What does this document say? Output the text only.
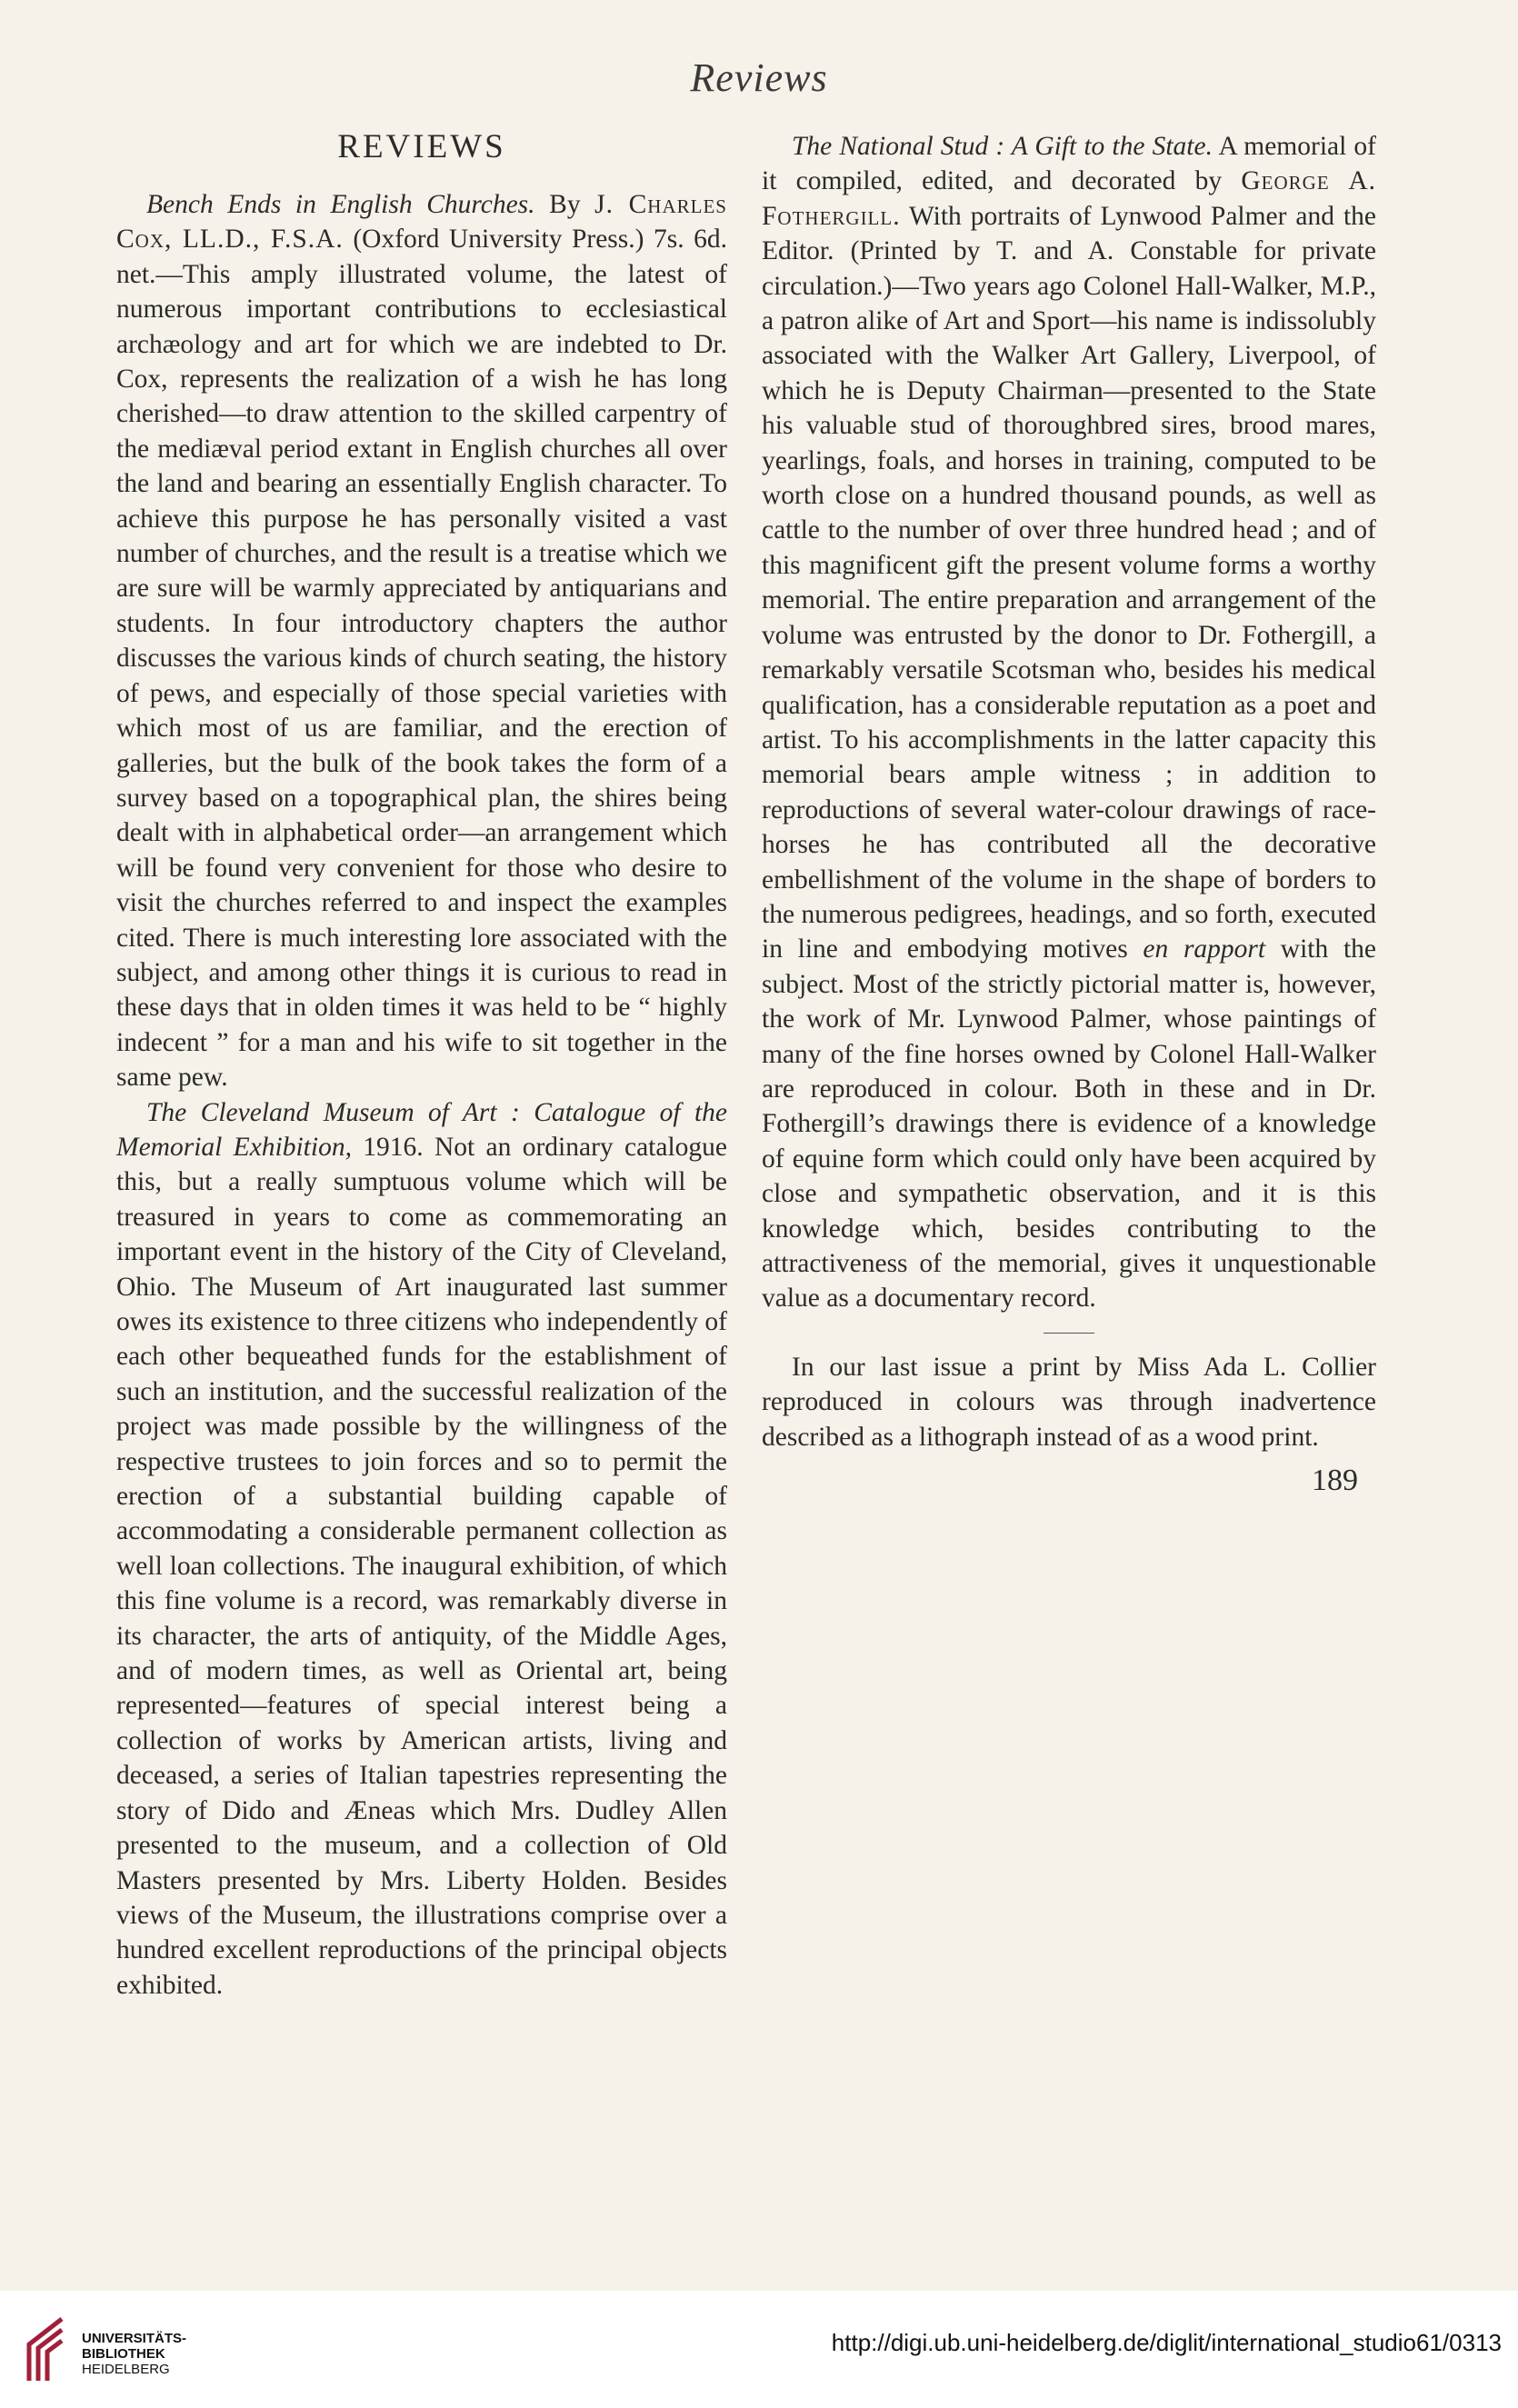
Reviews
REVIEWS

Bench Ends in English Churches. By J. Charles Cox, LL.D., F.S.A. (Oxford University Press.) 7s. 6d. net.—This amply illustrated volume, the latest of numerous important contributions to ecclesiastical archæology and art for which we are indebted to Dr. Cox, represents the realization of a wish he has long cherished—to draw attention to the skilled carpentry of the mediæval period extant in English churches all over the land and bearing an essentially English character. To achieve this purpose he has personally visited a vast number of churches, and the result is a treatise which we are sure will be warmly appreciated by antiquarians and students. In four introductory chapters the author discusses the various kinds of church seating, the history of pews, and especially of those special varieties with which most of us are familiar, and the erection of galleries, but the bulk of the book takes the form of a survey based on a topographical plan, the shires being dealt with in alphabetical order—an arrangement which will be found very convenient for those who desire to visit the churches referred to and inspect the examples cited. There is much interesting lore associated with the subject, and among other things it is curious to read in these days that in olden times it was held to be “ highly indecent ” for a man and his wife to sit together in the same pew.

The Cleveland Museum of Art : Catalogue of the Memorial Exhibition, 1916. Not an ordinary catalogue this, but a really sumptuous volume which will be treasured in years to come as commemorating an important event in the history of the City of Cleveland, Ohio. The Museum of Art inaugurated last summer owes its existence to three citizens who independently of each other bequeathed funds for the establishment of such an institution, and the successful realization of the project was made possible by the willingness of the respective trustees to join forces and so to permit the erection of a substantial building capable of accommodating a considerable permanent collection as well loan collections. The inaugural exhibition, of which this fine volume is a record, was remarkably diverse in its character, the arts of antiquity, of the Middle Ages, and of modern times, as well as Oriental art, being represented—features of special interest being a collection of works by American artists, living and deceased, a series of Italian tapestries representing the story of Dido and Æneas which Mrs. Dudley Allen presented to the museum, and a collection of Old Masters presented by Mrs. Liberty Holden. Besides views of the Museum, the illustrations comprise over a hundred excellent reproductions of the principal objects exhibited.

The National Stud : A Gift to the State. A memorial of it compiled, edited, and decorated by George A. Fothergill. With portraits of Lynwood Palmer and the Editor. (Printed by T. and A. Constable for private circulation.)—Two years ago Colonel Hall-Walker, M.P., a patron alike of Art and Sport—his name is indissolubly associated with the Walker Art Gallery, Liverpool, of which he is Deputy Chairman—presented to the State his valuable stud of thoroughbred sires, brood mares, yearlings, foals, and horses in training, computed to be worth close on a hundred thousand pounds, as well as cattle to the number of over three hundred head ; and of this magnificent gift the present volume forms a worthy memorial. The entire preparation and arrangement of the volume was entrusted by the donor to Dr. Fothergill, a remarkably versatile Scotsman who, besides his medical qualification, has a considerable reputation as a poet and artist. To his accomplishments in the latter capacity this memorial bears ample witness ; in addition to reproductions of several water-colour drawings of race-horses he has contributed all the decorative embellishment of the volume in the shape of borders to the numerous pedigrees, headings, and so forth, executed in line and embodying motives en rapport with the subject. Most of the strictly pictorial matter is, however, the work of Mr. Lynwood Palmer, whose paintings of many of the fine horses owned by Colonel Hall-Walker are reproduced in colour. Both in these and in Dr. Fothergill’s drawings there is evidence of a knowledge of equine form which could only have been acquired by close and sympathetic observation, and it is this knowledge which, besides contributing to the attractiveness of the memorial, gives it unquestionable value as a documentary record.

In our last issue a print by Miss Ada L. Collier reproduced in colours was through inadvertence described as a lithograph instead of as a wood print.

189
UNIVERSITÄTS-
BIBLIOTHEK
HEIDELBERG
http://digi.ub.uni-heidelberg.de/diglit/international_studio61/0313
